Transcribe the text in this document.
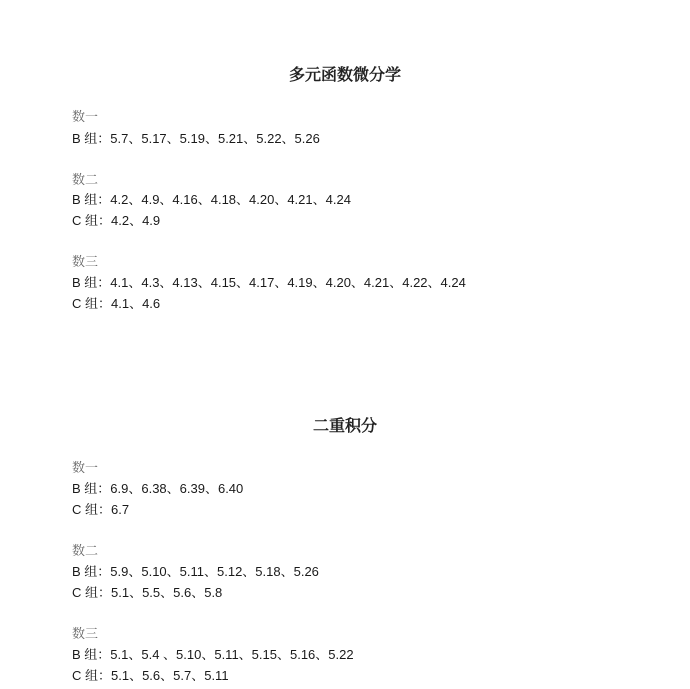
多元函数微分学
数一
B 组：5.7、5.17、5.19、5.21、5.22、5.26
数二
B 组：4.2、4.9、4.16、4.18、4.20、4.21、4.24
C 组：4.2、4.9
数三
B 组：4.1、4.3、4.13、4.15、4.17、4.19、4.20、4.21、4.22、4.24
C 组：4.1、4.6
二重积分
数一
B 组：6.9、6.38、6.39、6.40
C 组：6.7
数二
B 组：5.9、5.10、5.11、5.12、5.18、5.26
C 组：5.1、5.5、5.6、5.8
数三
B 组：5.1、5.4 、5.10、5.11、5.15、5.16、5.22
C 组：5.1、5.6、5.7、5.11
